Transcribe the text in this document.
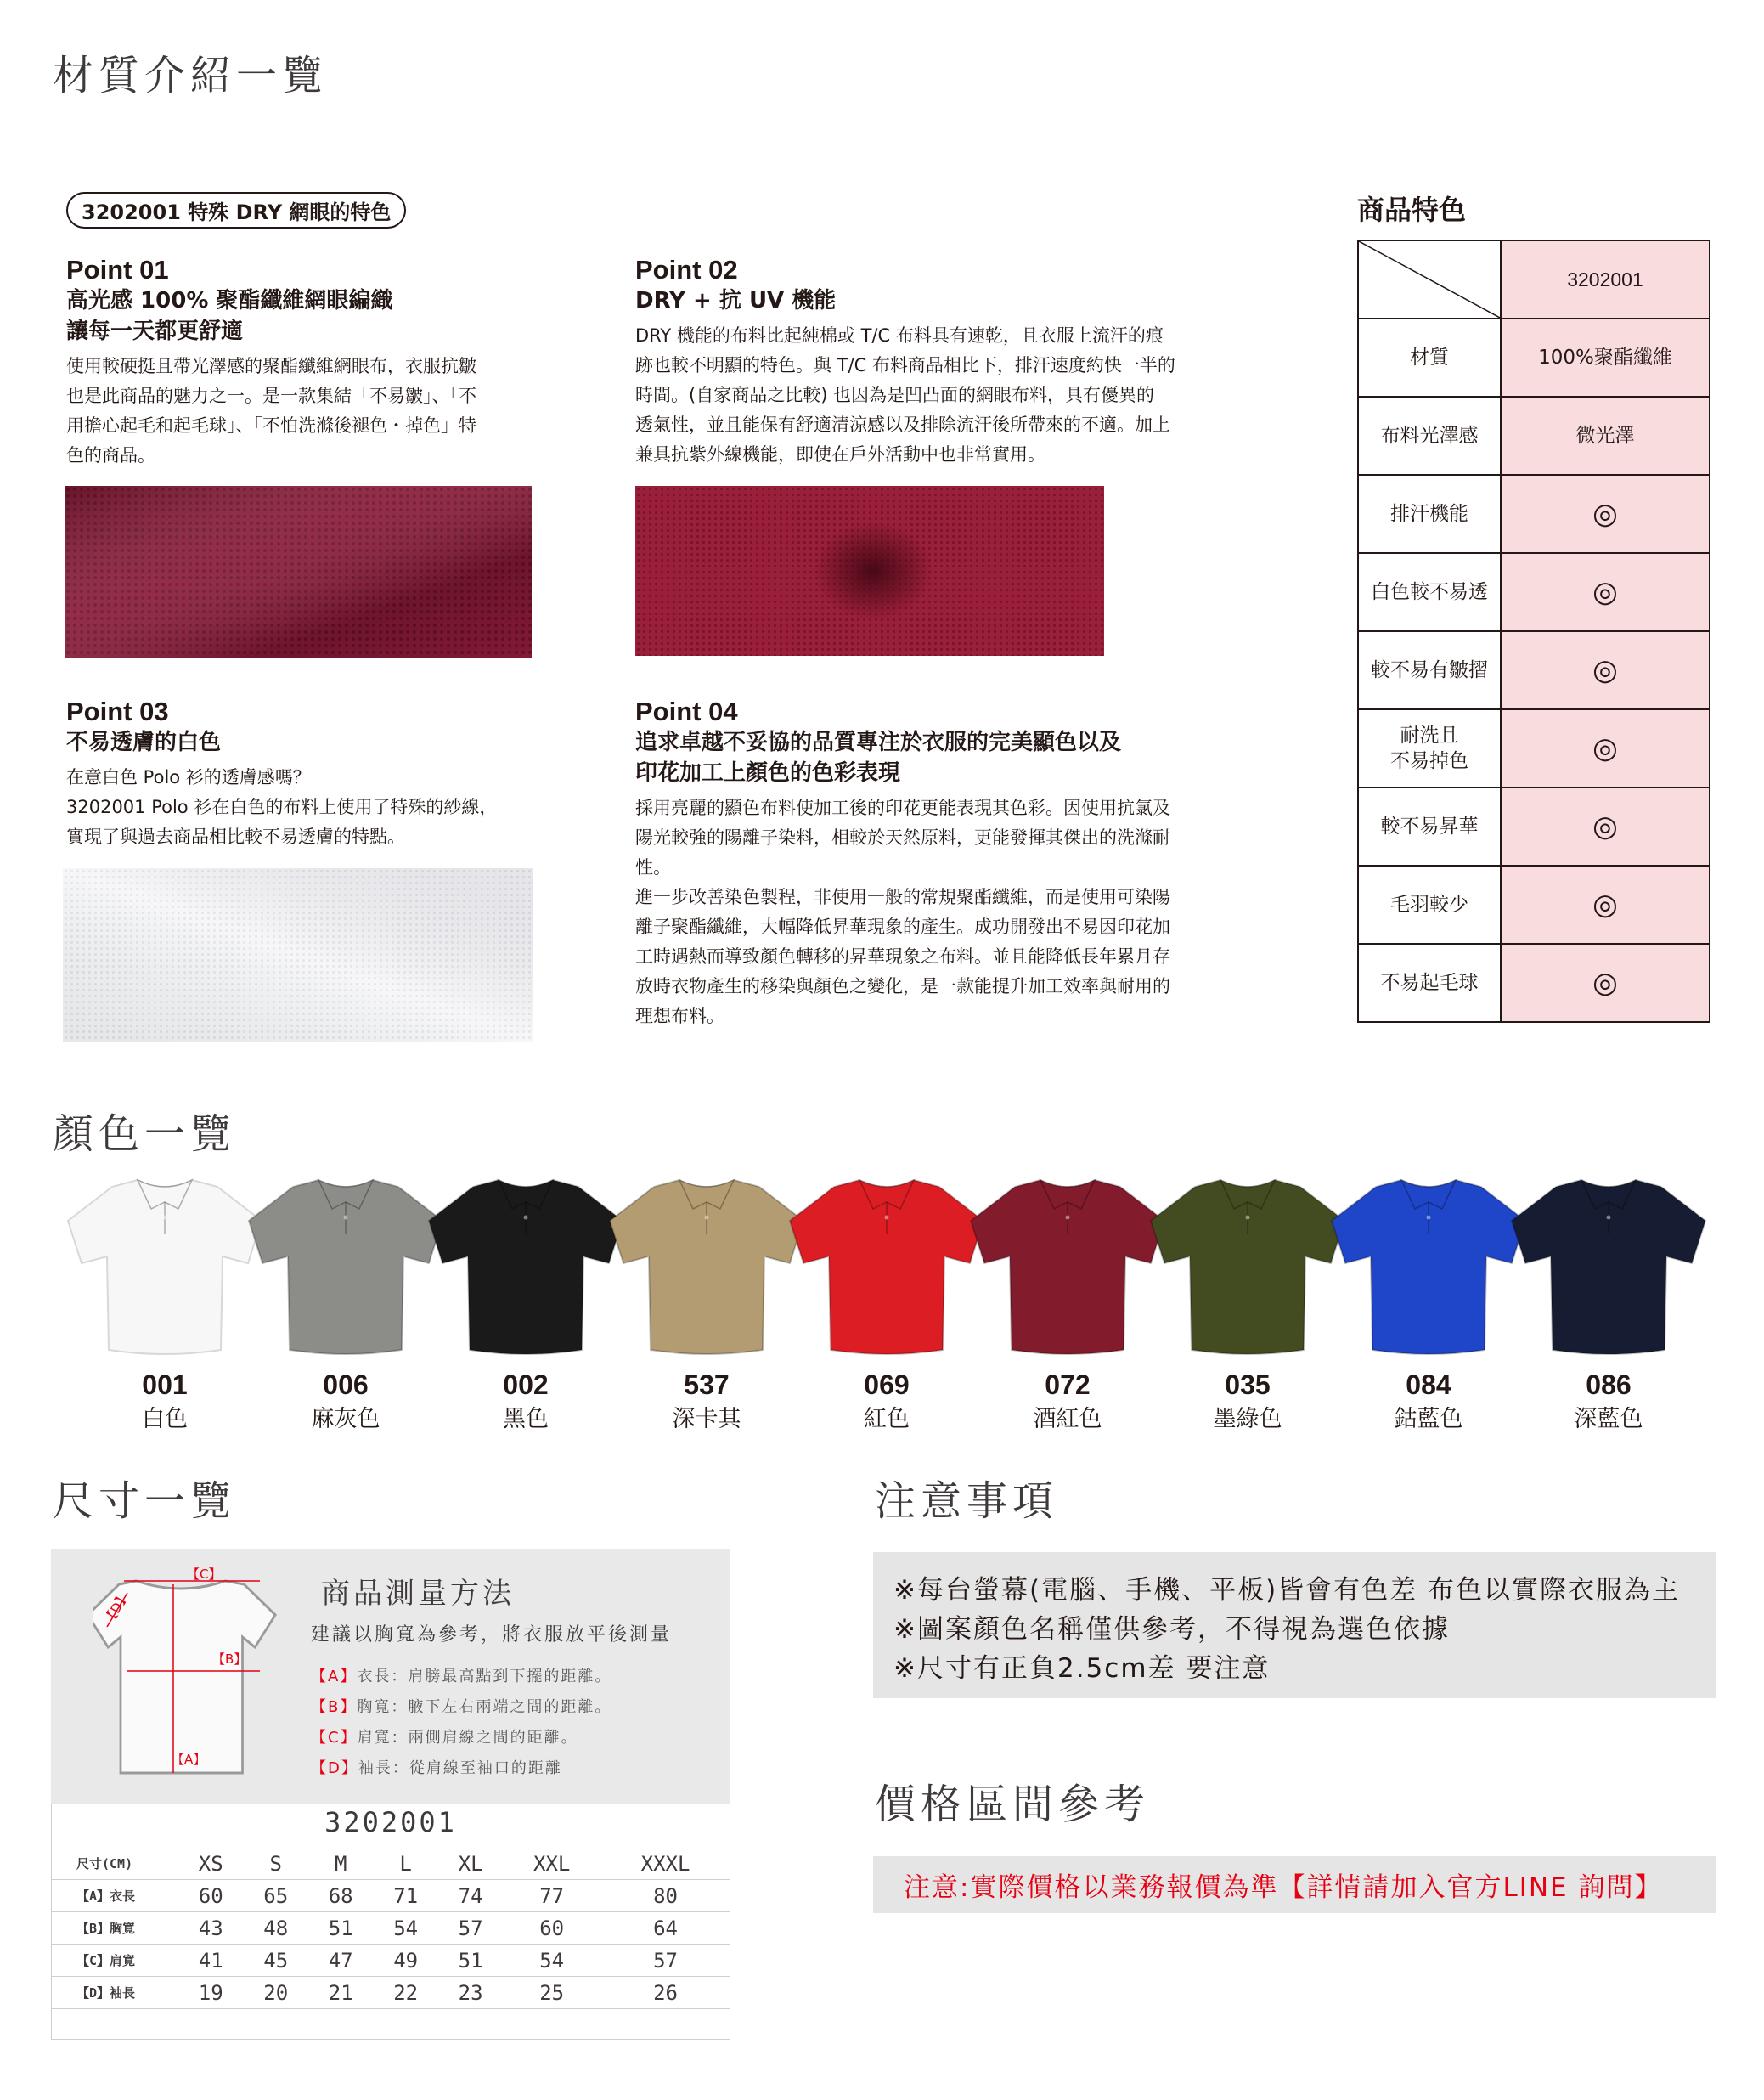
材質介紹一覽
3202001 特殊 DRY 網眼的特色
Point 01
高光感 100% 聚酯纖維網眼編織
讓每一天都更舒適
使用較硬挺且帶光澤感的聚酯纖維網眼布，衣服抗皺
也是此商品的魅力之一。是一款集結「不易皺」、「不
用擔心起毛和起毛球」、「不怕洗滌後褪色・掉色」特
色的商品。
Point 02
DRY + 抗 UV 機能
DRY 機能的布料比起純棉或 T/C 布料具有速乾，且衣服上流汗的痕
跡也較不明顯的特色。與 T/C 布料商品相比下，排汗速度約快一半的
時間。(自家商品之比較) 也因為是凹凸面的網眼布料，具有優異的
透氣性，並且能保有舒適清涼感以及排除流汗後所帶來的不適。加上
兼具抗紫外線機能，即使在戶外活動中也非常實用。
Point 03
不易透膚的白色
在意白色 Polo 衫的透膚感嗎？
3202001 Polo 衫在白色的布料上使用了特殊的紗線，
實現了與過去商品相比較不易透膚的特點。
Point 04
追求卓越不妥協的品質專注於衣服的完美顯色以及
印花加工上顏色的色彩表現
採用亮麗的顯色布料使加工後的印花更能表現其色彩。因使用抗氯及
陽光較強的陽離子染料，相較於天然原料，更能發揮其傑出的洗滌耐
性。
進一步改善染色製程，非使用一般的常規聚酯纖維，而是使用可染陽
離子聚酯纖維，大幅降低昇華現象的產生。成功開發出不易因印花加
工時遇熱而導致顏色轉移的昇華現象之布料。並且能降低長年累月存
放時衣物產生的移染與顏色之變化，是一款能提升加工效率與耐用的
理想布料。
商品特色

	3202001
材質	100%聚酯纖維
布料光澤感	微光澤
排汗機能	◎
白色較不易透	◎
較不易有皺摺	◎
耐洗且
不易掉色	◎
較不易昇華	◎
毛羽較少	◎
不易起毛球	◎
顏色一覽
001
白色
006
麻灰色
002
黑色
537
深卡其
069
紅色
072
酒紅色
035
墨綠色
084
鈷藍色
086
深藍色
尺寸一覽
【C】
【D】
【B】
【A】
商品測量方法
建議以胸寬為參考，將衣服放平後測量
【A】衣長：肩膀最高點到下擺的距離。
【B】胸寬：腋下左右兩端之間的距離。
【C】肩寬：兩側肩線之間的距離。
【D】袖長：從肩線至袖口的距離
3202001
尺寸(CM)	XS	S	M	L	XL	XXL	XXXL
【A】衣長	60	65	68	71	74	77	80
【B】胸寬	43	48	51	54	57	60	64
【C】肩寬	41	45	47	49	51	54	57
【D】袖長	19	20	21	22	23	25	26
注意事項
※每台螢幕(電腦、手機、平板)皆會有色差 布色以實際衣服為主
※圖案顏色名稱僅供參考，不得視為選色依據
※尺寸有正負2.5cm差 要注意
價格區間參考
注意:實際價格以業務報價為準【詳情請加入官方LINE 詢問】
